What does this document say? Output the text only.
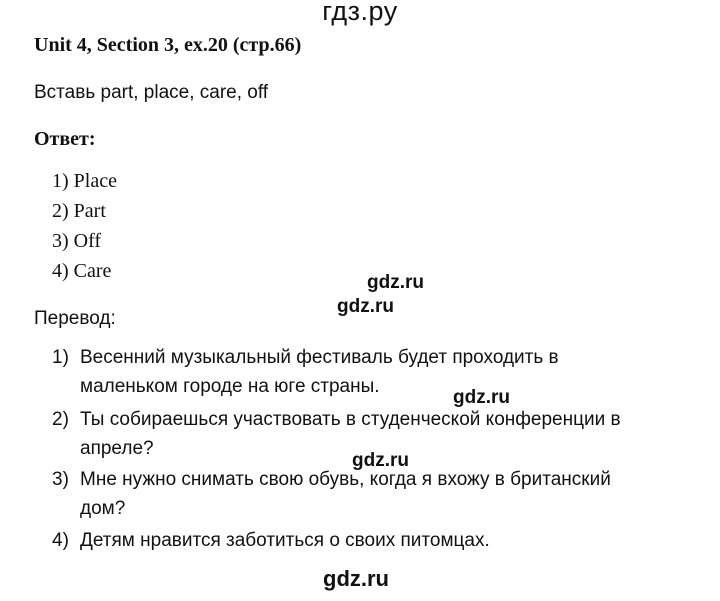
гдз.ру
Unit 4, Section 3, ex.20 (стр.66)
Вставь part, place, care, off
Ответ:
1) Place
2) Part
3) Off
4) Care
gdz.ru
gdz.ru
Перевод:
1) Весенний музыкальный фестиваль будет проходить в
маленьком городе на юге страны.
gdz.ru
2) Ты собираешься участвовать в студенческой конференции в
апреле?
gdz.ru
3) Мне нужно снимать свою обувь, когда я вхожу в британский
дом?
4) Детям нравится заботиться о своих питомцах.
gdz.ru
